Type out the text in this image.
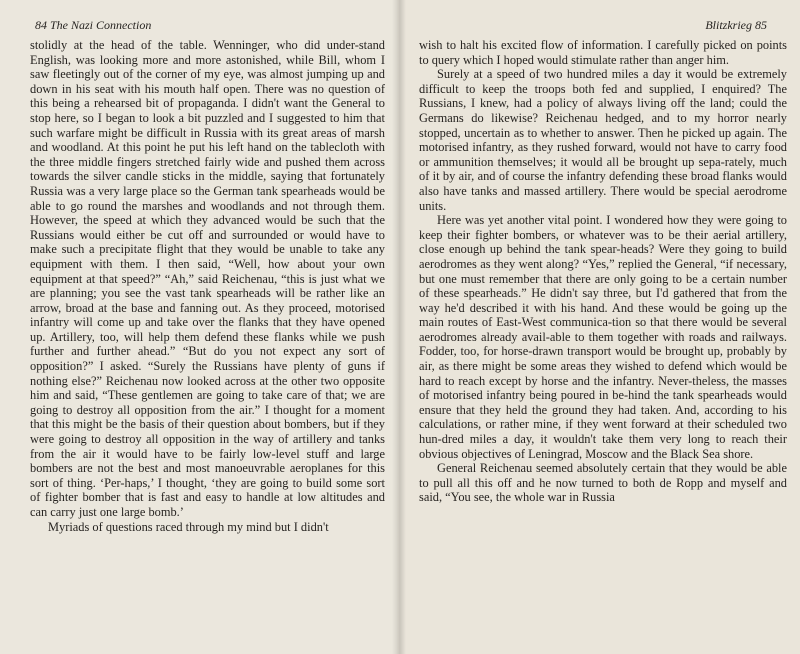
84 The Nazi Connection

stolidly at the head of the table. Wenninger, who did under-stand English, was looking more and more astonished, while Bill, whom I saw fleetingly out of the corner of my eye, was almost jumping up and down in his seat with his mouth half open. There was no question of this being a rehearsed bit of propaganda. I didn't want the General to stop here, so I began to look a bit puzzled and I suggested to him that such warfare might be difficult in Russia with its great areas of marsh and woodland. At this point he put his left hand on the tablecloth with the three middle fingers stretched fairly wide and pushed them across towards the silver candle sticks in the middle, saying that fortunately Russia was a very large place so the German tank spearheads would be able to go round the marshes and woodlands and not through them. However, the speed at which they advanced would be such that the Russians would either be cut off and surrounded or would have to make such a precipitate flight that they would be unable to take any equipment with them. I then said, “Well, how about your own equipment at that speed?” “Ah,” said Reichenau, “this is just what we are planning; you see the vast tank spearheads will be rather like an arrow, broad at the base and fanning out. As they proceed, motorised infantry will come up and take over the flanks that they have opened up. Artillery, too, will help them defend these flanks while we push further and further ahead.” “But do you not expect any sort of opposition?” I asked. “Surely the Russians have plenty of guns if nothing else?” Reichenau now looked across at the other two opposite him and said, “These gentlemen are going to take care of that; we are going to destroy all opposition from the air.” I thought for a moment that this might be the basis of their question about bombers, but if they were going to destroy all opposition in the way of artillery and tanks from the air it would have to be fairly low-level stuff and large bombers are not the best and most manoeuvrable aeroplanes for this sort of thing. ‘Per-haps,’ I thought, ‘they are going to build some sort of fighter bomber that is fast and easy to handle at low altitudes and can carry just one large bomb.’

Myriads of questions raced through my mind but I didn't

Blitzkrieg 85

wish to halt his excited flow of information. I carefully picked on points to query which I hoped would stimulate rather than anger him.

Surely at a speed of two hundred miles a day it would be extremely difficult to keep the troops both fed and supplied, I enquired? The Russians, I knew, had a policy of always living off the land; could the Germans do likewise? Reichenau hedged, and to my horror nearly stopped, uncertain as to whether to answer. Then he picked up again. The motorised infantry, as they rushed forward, would not have to carry food or ammunition themselves; it would all be brought up sepa-rately, much of it by air, and of course the infantry defending these broad flanks would also have tanks and massed artillery. There would be special aerodrome units.

Here was yet another vital point. I wondered how they were going to keep their fighter bombers, or whatever was to be their aerial artillery, close enough up behind the tank spear-heads? Were they going to build aerodromes as they went along? “Yes,” replied the General, “if necessary, but one must remember that there are only going to be a certain number of these spearheads.” He didn't say three, but I'd gathered that from the way he'd described it with his hand. And these would be going up the main routes of East-West communica-tion so that there would be several aerodromes already avail-able to them together with roads and railways. Fodder, too, for horse-drawn transport would be brought up, probably by air, as there might be some areas they wished to defend which would be hard to reach except by horse and the infantry. Never-theless, the masses of motorised infantry being poured in be-hind the tank spearheads would ensure that they held the ground they had taken. And, according to his calculations, or rather mine, if they went forward at their scheduled two hun-dred miles a day, it wouldn't take them very long to reach their obvious objectives of Leningrad, Moscow and the Black Sea shore.

General Reichenau seemed absolutely certain that they would be able to pull all this off and he now turned to both de Ropp and myself and said, “You see, the whole war in Russia
